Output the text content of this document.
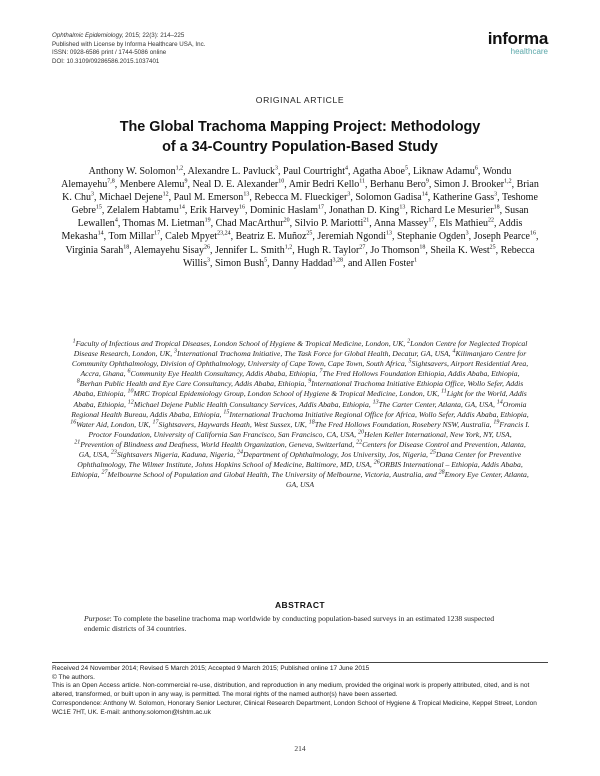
Ophthalmic Epidemiology, 2015; 22(3): 214–225
Published with License by Informa Healthcare USA, Inc.
ISSN: 0928-6586 print / 1744-5086 online
DOI: 10.3109/09286586.2015.1037401
informa
healthcare
ORIGINAL ARTICLE
The Global Trachoma Mapping Project: Methodology
of a 34-Country Population-Based Study
Anthony W. Solomon$^{1,2}$, Alexandre L. Pavluck$^3$, Paul Courtright$^4$, Agatha Aboe$^5$, Liknaw Adamu$^6$, Wondu Alemayehu$^{7,8}$, Menbere Alemu$^9$, Neal D. E. Alexander$^{10}$, Amir Bedri Kello$^{11}$, Berhanu Bero$^9$, Simon J. Brooker$^{1,2}$, Brian K. Chu$^3$, Michael Dejene$^{12}$, Paul M. Emerson$^{13}$, Rebecca M. Flueckiger$^3$, Solomon Gadisa$^{14}$, Katherine Gass$^3$, Teshome Gebre$^{15}$, Zelalem Habtamu$^{14}$, Erik Harvey$^{16}$, Dominic Haslam$^{17}$, Jonathan D. King$^{13}$, Richard Le Mesurier$^{18}$, Susan Lewallen$^4$, Thomas M. Lietman$^{19}$, Chad MacArthur$^{20}$, Silvio P. Mariotti$^{21}$, Anna Massey$^{17}$, Els Mathieu$^{22}$, Addis Mekasha$^{14}$, Tom Millar$^{17}$, Caleb Mpyet$^{23,24}$, Beatriz E. Muñoz$^{25}$, Jeremiah Ngondi$^{13}$, Stephanie Ogden$^3$, Joseph Pearce$^{16}$, Virginia Sarah$^{18}$, Alemayehu Sisay$^{26}$, Jennifer L. Smith$^{1,2}$, Hugh R. Taylor$^{27}$, Jo Thomson$^{18}$, Sheila K. West$^{25}$, Rebecca Willis$^3$, Simon Bush$^5$, Danny Haddad$^{3,28}$, and Allen Foster$^1$
$^1$Faculty of Infectious and Tropical Diseases, London School of Hygiene & Tropical Medicine, London, UK, $^2$London Centre for Neglected Tropical Disease Research, London, UK, $^3$International Trachoma Initiative, The Task Force for Global Health, Decatur, GA, USA, $^4$Kilimanjaro Centre for Community Ophthalmology, Division of Ophthalmology, University of Cape Town, Cape Town, South Africa, $^5$Sightsavers, Airport Residential Area, Accra, Ghana, $^6$Community Eye Health Consultancy, Addis Ababa, Ethiopia, $^7$The Fred Hollows Foundation Ethiopia, Addis Ababa, Ethiopia, $^8$Berhan Public Health and Eye Care Consultancy, Addis Ababa, Ethiopia, $^9$International Trachoma Initiative Ethiopia Office, Wollo Sefer, Addis Ababa, Ethiopia, $^{10}$MRC Tropical Epidemiology Group, London School of Hygiene & Tropical Medicine, London, UK, $^{11}$Light for the World, Addis Ababa, Ethiopia, $^{12}$Michael Dejene Public Health Consultancy Services, Addis Ababa, Ethiopia, $^{13}$The Carter Center, Atlanta, GA, USA, $^{14}$Oromia Regional Health Bureau, Addis Ababa, Ethiopia, $^{15}$International Trachoma Initiative Regional Office for Africa, Wollo Sefer, Addis Ababa, Ethiopia, $^{16}$Water Aid, London, UK, $^{17}$Sightsavers, Haywards Heath, West Sussex, UK, $^{18}$The Fred Hollows Foundation, Rosebery NSW, Australia, $^{19}$Francis I. Proctor Foundation, University of California San Francisco, San Francisco, CA, USA, $^{20}$Helen Keller International, New York, NY, USA, $^{21}$Prevention of Blindness and Deafness, World Health Organization, Geneva, Switzerland, $^{22}$Centers for Disease Control and Prevention, Atlanta, GA, USA, $^{23}$Sightsavers Nigeria, Kaduna, Nigeria, $^{24}$Department of Ophthalmology, Jos University, Jos, Nigeria, $^{25}$Dana Center for Preventive Ophthalmology, The Wilmer Institute, Johns Hopkins School of Medicine, Baltimore, MD, USA, $^{26}$ORBIS International – Ethiopia, Addis Ababa, Ethiopia, $^{27}$Melbourne School of Population and Global Health, The University of Melbourne, Victoria, Australia, and $^{28}$Emory Eye Center, Atlanta, GA, USA
ABSTRACT
Purpose: To complete the baseline trachoma map worldwide by conducting population-based surveys in an estimated 1238 suspected endemic districts of 34 countries.
Received 24 November 2014; Revised 5 March 2015; Accepted 9 March 2015; Published online 17 June 2015
© The authors.
This is an Open Access article. Non-commercial re-use, distribution, and reproduction in any medium, provided the original work is properly attributed, cited, and is not altered, transformed, or built upon in any way, is permitted. The moral rights of the named author(s) have been asserted.
Correspondence: Anthony W. Solomon, Honorary Senior Lecturer, Clinical Research Department, London School of Hygiene & Tropical Medicine, Keppel Street, London WC1E 7HT, UK. E-mail: anthony.solomon@lshtm.ac.uk
214
